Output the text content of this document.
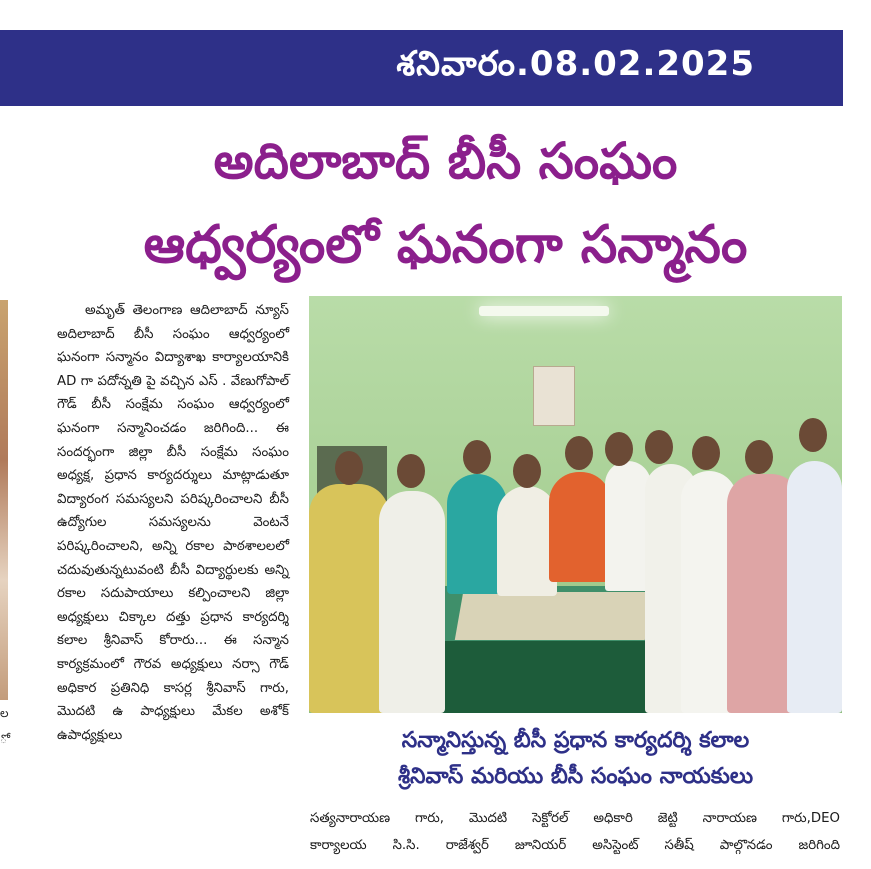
శనివారం.08.02.2025
అదిలాబాద్ బీసీ సంఘం
ఆధ్వర్యంలో ఘనంగా సన్మానం
ల
ో

అమృత్ తెలంగాణ ఆదిలాబాద్ న్యూస్ అదిలాబాద్ బీసీ సంఘం ఆధ్వర్యంలో ఘనంగా సన్మానం విద్యాశాఖ కార్యాలయానికి AD గా పదోన్నతి పై వచ్చిన ఎస్ . వేణుగోపాల్ గౌడ్ బీసీ సంక్షేమ సంఘం ఆధ్వర్యంలో ఘనంగా సన్మానించడం జరిగింది... ఈ సందర్భంగా జిల్లా బీసీ సంక్షేమ సంఘం అధ్యక్ష, ప్రధాన కార్యదర్శులు మాట్లాడుతూ విద్యారంగ సమస్యలని పరిష్కరించాలని బీసీ ఉద్యోగుల సమస్యలను వెంటనే పరిష్కరించాలని, అన్ని రకాల పాఠశాలలలో చదువుతున్నటువంటి బీసీ విద్యార్థులకు అన్ని రకాల సదుపాయాలు కల్పించాలని జిల్లా అధ్యక్షులు చిక్కాల దత్తు ప్రధాన కార్యదర్శి కలాల శ్రీనివాస్ కోరారు... ఈ సన్మాన కార్యక్రమంలో గౌరవ అధ్యక్షులు నర్సా గౌడ్ అధికార ప్రతినిధి కాసర్ల శ్రీనివాస్ గారు, మొదటి ఉ పాధ్యక్షులు మేకల అశోక్ ఉపాధ్యక్షులు	సన్మానిస్తున్న బీసీ ప్రధాన కార్యదర్శి కలాల
శ్రీనివాస్ మరియు బీసీ సంఘం నాయకులు
సత్యనారాయణ గారు, మొదటి సెక్టోరల్ అధికారి జెట్టి నారాయణ గారు,DEO
కార్యాలయ సి.సి. రాజేశ్వర్ జూనియర్ అసిస్టెంట్ సతీష్ పాల్గొనడం జరిగింది
